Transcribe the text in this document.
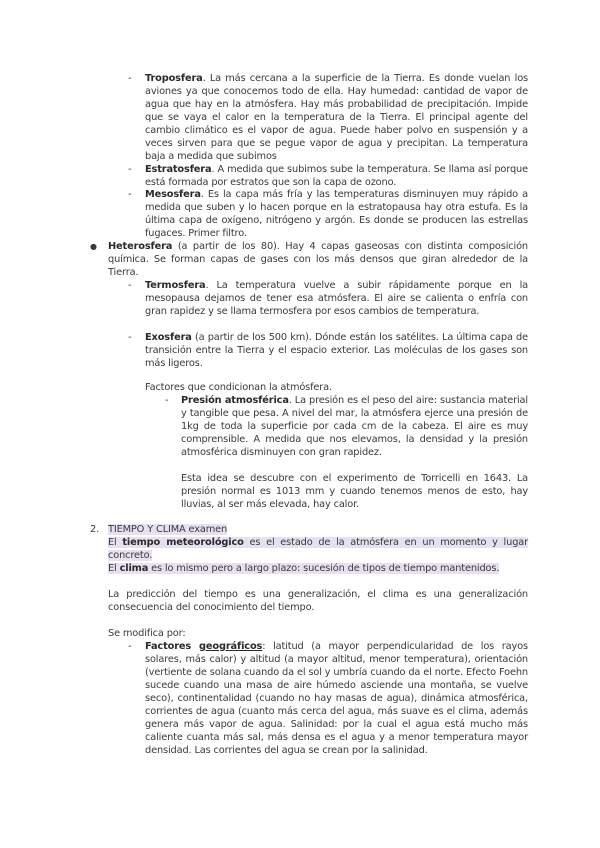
- Troposfera. La más cercana a la superficie de la Tierra. Es donde vuelan los aviones ya que conocemos todo de ella. Hay humedad: cantidad de vapor de agua que hay en la atmósfera. Hay más probabilidad de precipitación. Impide que se vaya el calor en la temperatura de la Tierra. El principal agente del cambio climático es el vapor de agua. Puede haber polvo en suspensión y a veces sirven para que se pegue vapor de agua y precipitan. La temperatura baja a medida que subimos

- Estratosfera. A medida que subimos sube la temperatura. Se llama así porque está formada por estratos que son la capa de ozono.

- Mesosfera. Es la capa más fría y las temperaturas disminuyen muy rápido a medida que suben y lo hacen porque en la estratopausa hay otra estufa. Es la última capa de oxígeno, nitrógeno y argón. Es donde se producen las estrellas fugaces. Primer filtro.

● Heterosfera (a partir de los 80). Hay 4 capas gaseosas con distinta composición química. Se forman capas de gases con los más densos que giran alrededor de la Tierra.

- Termosfera. La temperatura vuelve a subir rápidamente porque en la mesopausa dejamos de tener esa atmósfera. El aire se calienta o enfría con gran rapidez y se llama termosfera por esos cambios de temperatura.

- Exosfera (a partir de los 500 km). Dónde están los satélites. La última capa de transición entre la Tierra y el espacio exterior. Las moléculas de los gases son más ligeros.

Factores que condicionan la atmósfera.

- Presión atmosférica. La presión es el peso del aire: sustancia material y tangible que pesa. A nivel del mar, la atmósfera ejerce una presión de 1kg de toda la superficie por cada cm de la cabeza. El aire es muy comprensible. A medida que nos elevamos, la densidad y la presión atmosférica disminuyen con gran rapidez.

Esta idea se descubre con el experimento de Torricelli en 1643. La presión normal es 1013 mm y cuando tenemos menos de esto, hay lluvias, al ser más elevada, hay calor.

2. TIEMPO Y CLIMA examen

El tiempo meteorológico es el estado de la atmósfera en un momento y lugar concreto.

El clima es lo mismo pero a largo plazo: sucesión de tipos de tiempo mantenidos.

La predicción del tiempo es una generalización, el clima es una generalización consecuencia del conocimiento del tiempo.

Se modifica por:

- Factores geográficos: latitud (a mayor perpendicularidad de los rayos solares, más calor) y altitud (a mayor altitud, menor temperatura), orientación (vertiente de solana cuando da el sol y umbría cuando da el norte. Efecto Foehn sucede cuando una masa de aire húmedo asciende una montaña, se vuelve seco), continentalidad (cuando no hay masas de agua), dinámica atmosférica, corrientes de agua (cuanto más cerca del agua, más suave es el clima, además genera más vapor de agua. Salinidad: por la cual el agua está mucho más caliente cuanta más sal, más densa es el agua y a menor temperatura mayor densidad. Las corrientes del agua se crean por la salinidad.
